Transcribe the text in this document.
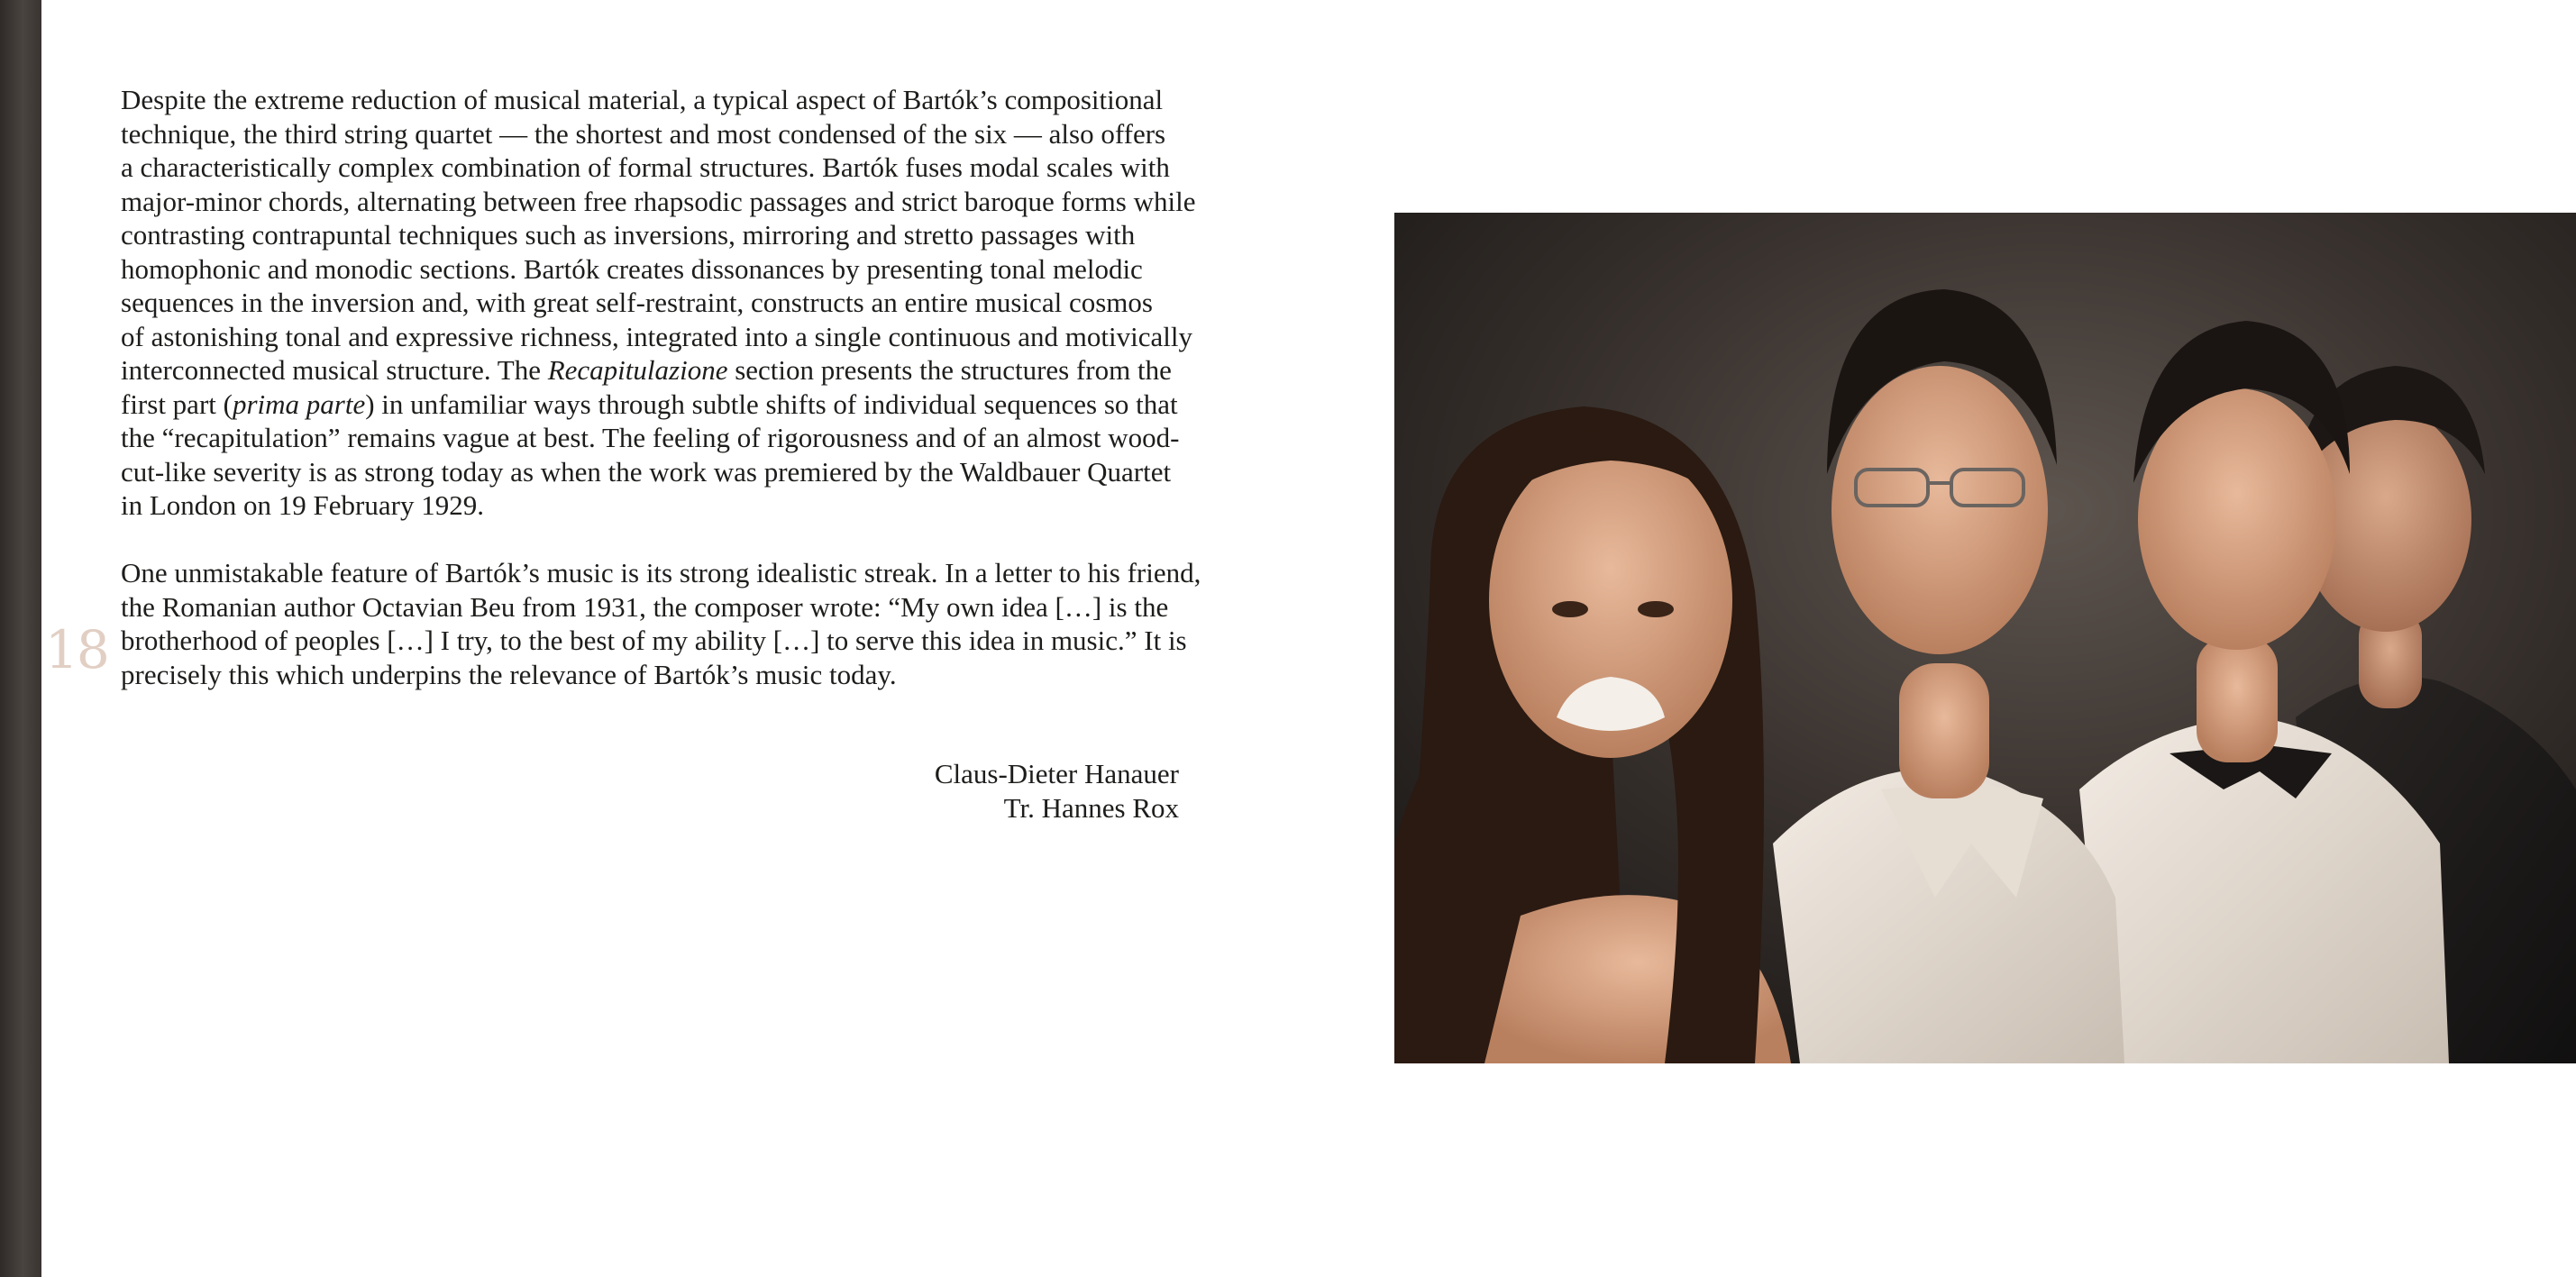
18

Despite the extreme reduction of musical material, a typical aspect of Bartók’s compositional
technique, the third string quartet — the shortest and most condensed of the six — also offers
a characteristically complex combination of formal structures. Bartók fuses modal scales with
major-minor chords, alternating between free rhapsodic passages and strict baroque forms while
contrasting contrapuntal techniques such as inversions, mirroring and stretto passages with
homophonic and monodic sections. Bartók creates dissonances by presenting tonal melodic
sequences in the inversion and, with great self-restraint, constructs an entire musical cosmos
of astonishing tonal and expressive richness, integrated into a single continuous and motivically
interconnected musical structure. The Recapitulazione section presents the structures from the
first part (prima parte) in unfamiliar ways through subtle shifts of individual sequences so that
the “recapitulation” remains vague at best. The feeling of rigorousness and of an almost wood-
cut-like severity is as strong today as when the work was premiered by the Waldbauer Quartet
in London on 19 February 1929.

One unmistakable feature of Bartók’s music is its strong idealistic streak. In a letter to his friend,
the Romanian author Octavian Beu from 1931, the composer wrote: “My own idea […] is the
brotherhood of peoples […] I try, to the best of my ability […] to serve this idea in music.” It is
precisely this which underpins the relevance of Bartók’s music today.

Claus-Dieter Hanauer
Tr. Hannes Rox
